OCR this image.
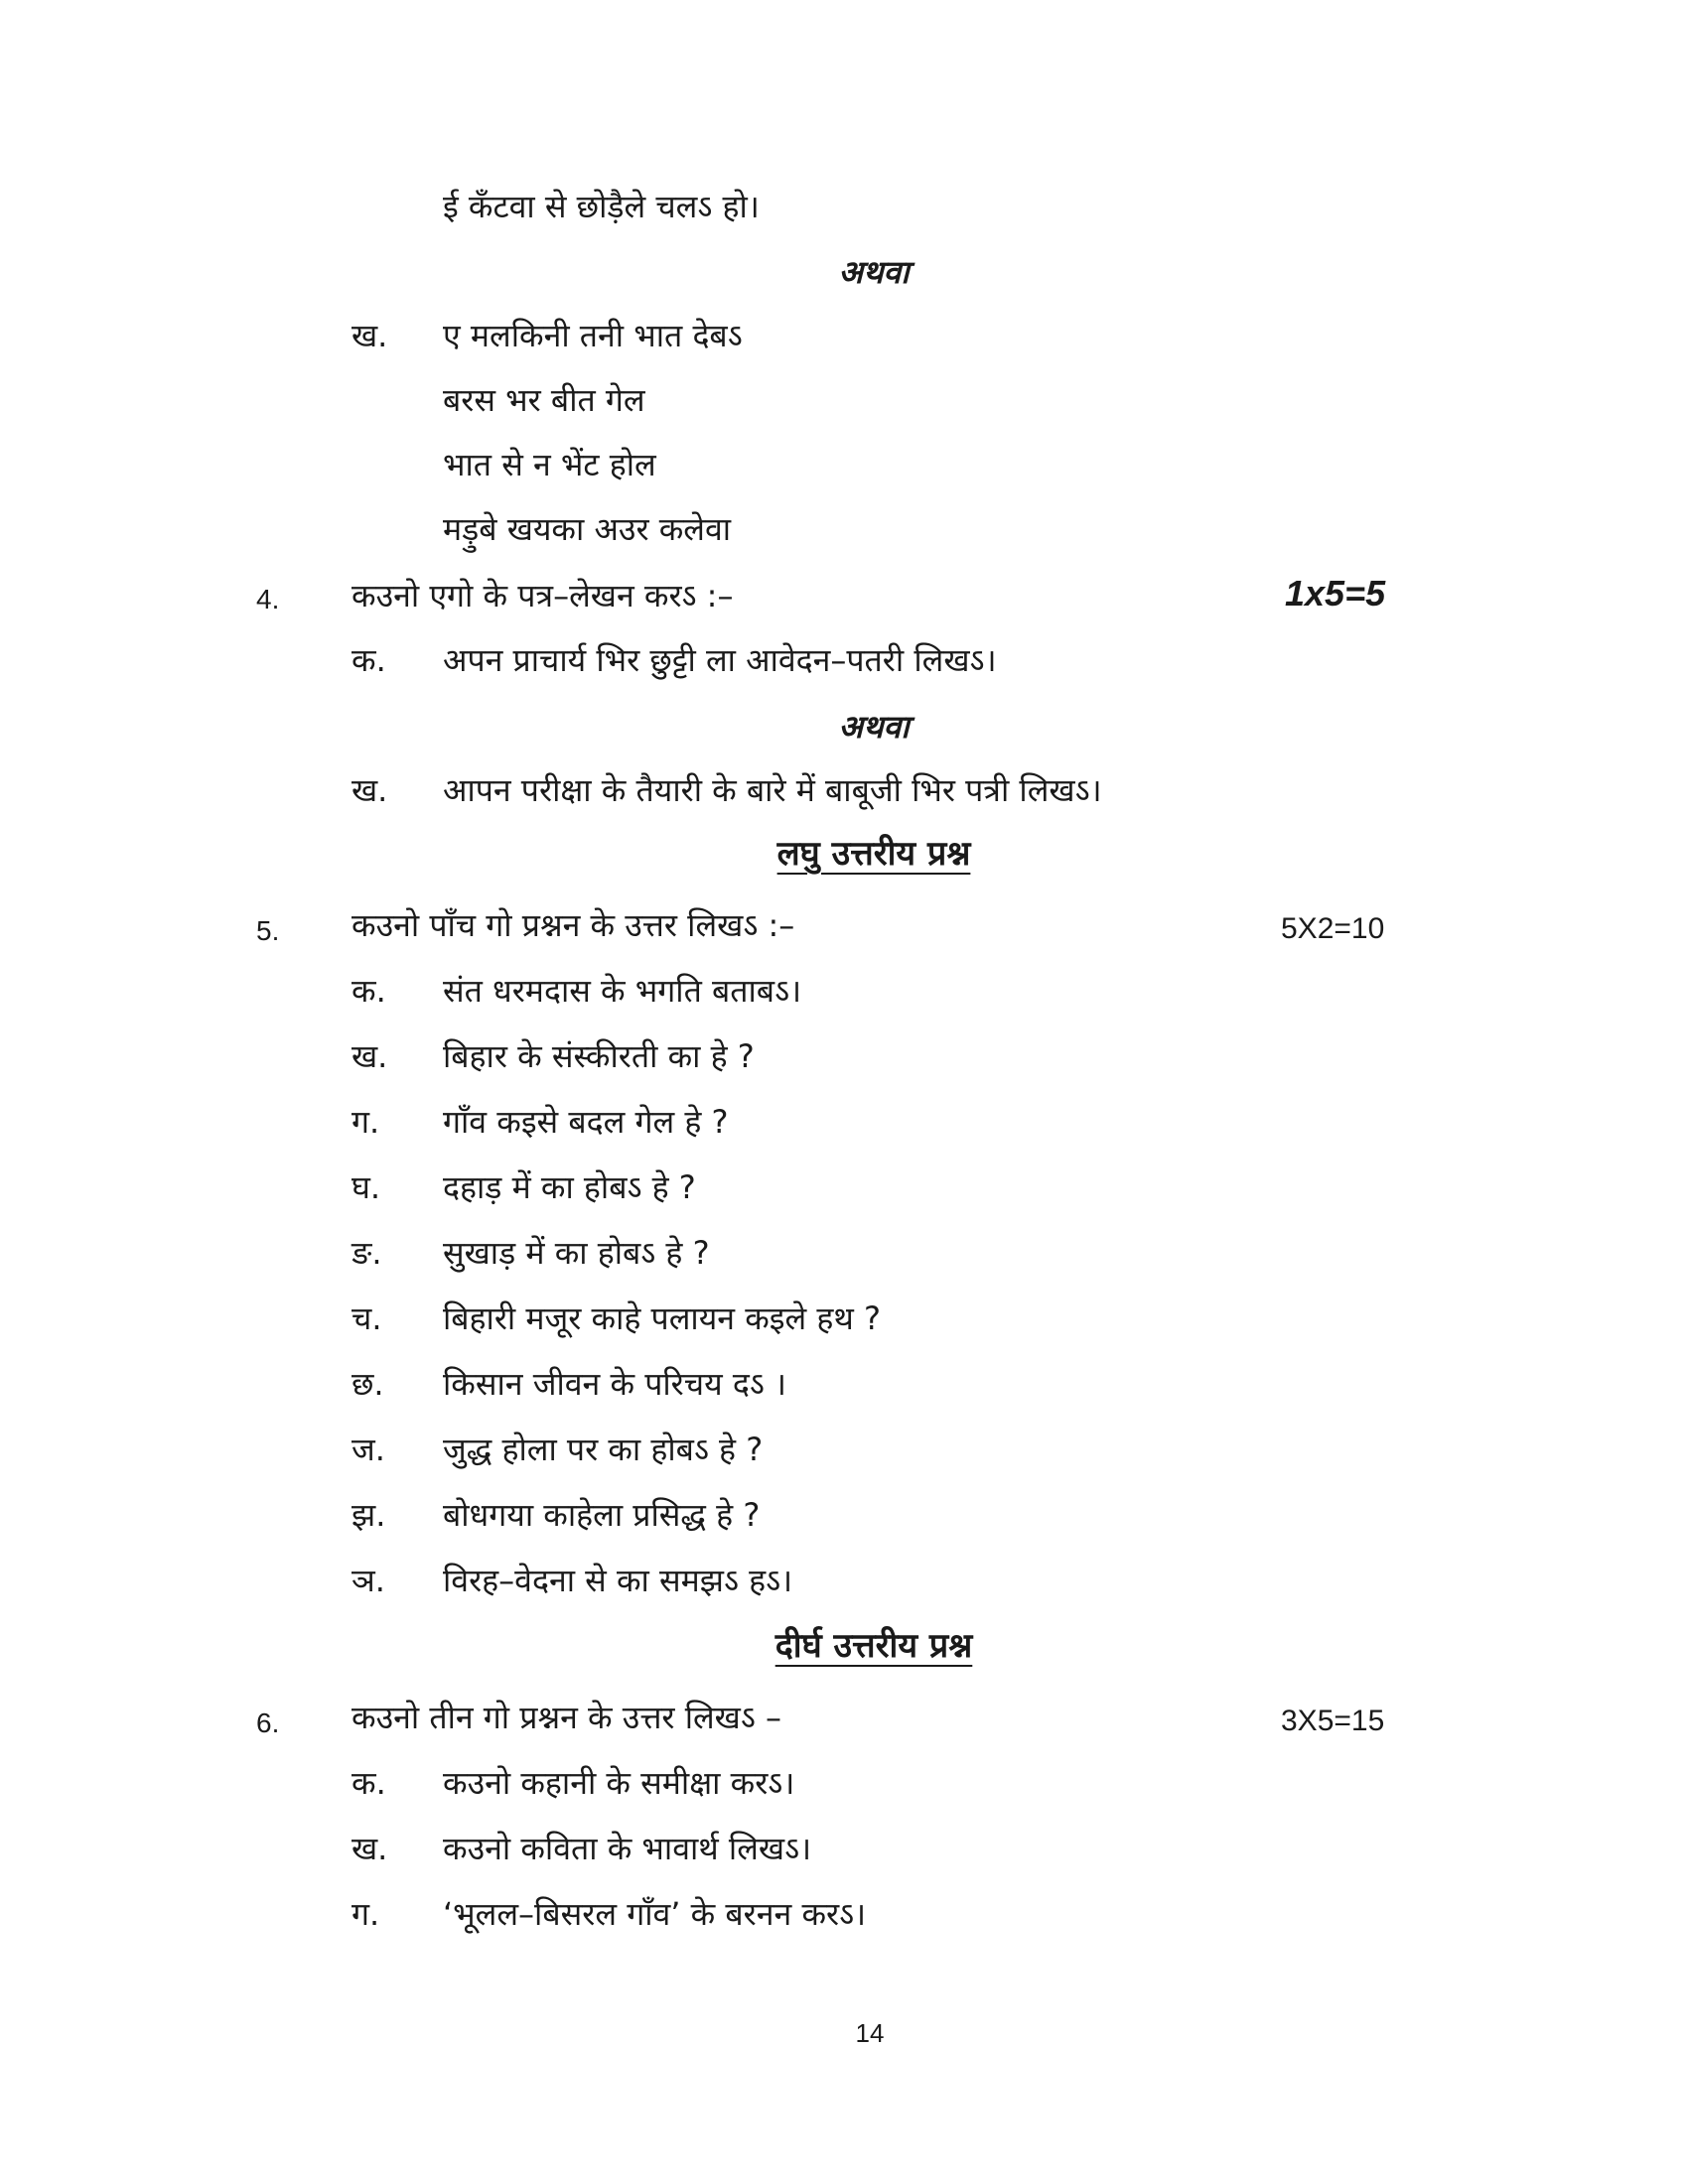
ई कँटवा से छोड़ैले चलऽ हो।
अथवा
ख. ए मलकिनी तनी भात देबऽ
बरस भर बीत गेल
भात से न भेंट होल
मड़ुबे खयका अउर कलेवा
4. कउनो एगो के पत्र–लेखन करऽ :–	1x5=5
क. अपन प्राचार्य भिर छुट्टी ला आवेदन–पतरी लिखऽ।
अथवा
ख. आपन परीक्षा के तैयारी के बारे में बाबूजी भिर पत्री लिखऽ।
लघु उत्तरीय प्रश्न
5. कउनो पाँच गो प्रश्नन के उत्तर लिखऽ :–	5X2=10
क. संत धरमदास के भगति बताबऽ।
ख. बिहार के संस्कीरती का हे ?
ग. गाँव कइसे बदल गेल हे ?
घ. दहाड़ में का होबऽ हे ?
ङ. सुखाड़ में का होबऽ हे ?
च. बिहारी मजूर काहे पलायन कइले हथ ?
छ. किसान जीवन के परिचय दऽ ।
ज. जुद्ध होला पर का होबऽ हे ?
झ. बोधगया काहेला प्रसिद्ध हे ?
ञ. विरह–वेदना से का समझऽ हऽ।
दीर्घ उत्तरीय प्रश्न
6. कउनो तीन गो प्रश्नन के उत्तर लिखऽ –	3X5=15
क. कउनो कहानी के समीक्षा करऽ।
ख. कउनो कविता के भावार्थ लिखऽ।
ग. ‘भूलल–बिसरल गाँव’ के बरनन करऽ।
14
